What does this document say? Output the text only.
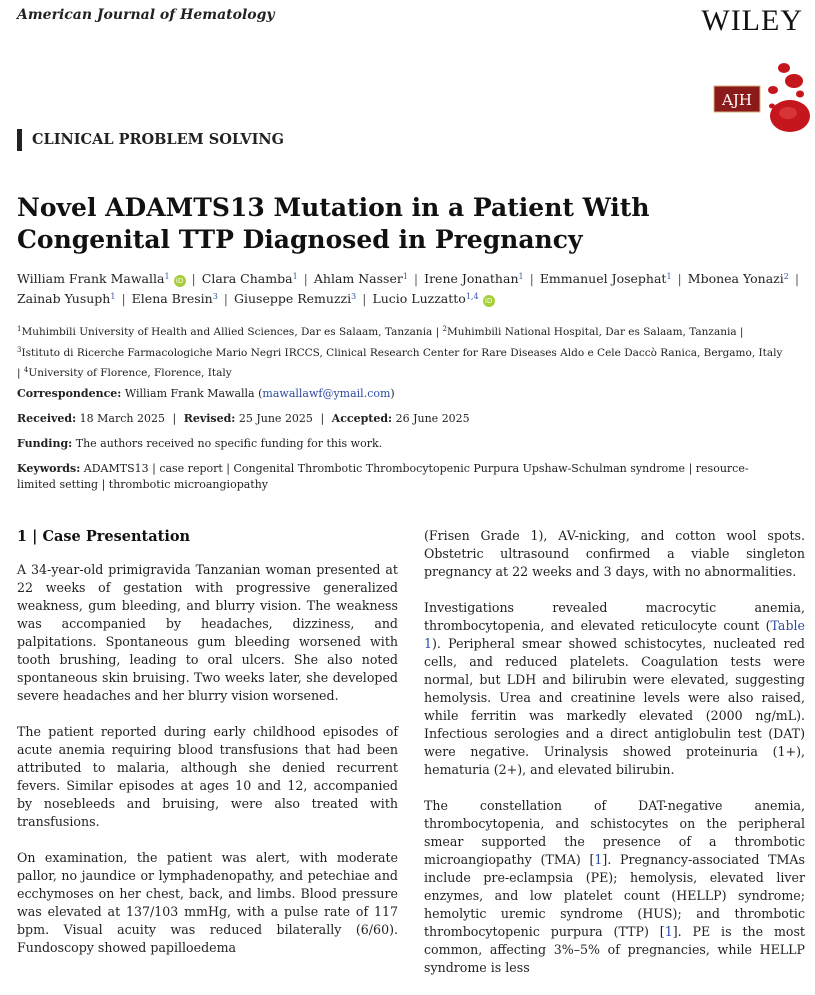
American Journal of Hematology	WILEY
AJH
CLINICAL PROBLEM SOLVING
Novel ADAMTS13 Mutation in a Patient With Congenital TTP Diagnosed in Pregnancy
William Frank Mawalla$^1$ iD | Clara Chamba$^1$ | Ahlam Nasser$^1$ | Irene Jonathan$^1$ | Emmanuel Josephat$^1$ | Mbonea Yonazi$^2$ |
Zainab Yusuph$^1$ | Elena Bresin$^3$ | Giuseppe Remuzzi$^3$ | Lucio Luzzatto$^{1,4}$ iD
$^1$Muhimbili University of Health and Allied Sciences, Dar es Salaam, Tanzania | $^2$Muhimbili National Hospital, Dar es Salaam, Tanzania | $^3$Istituto di Ricerche Farmacologiche Mario Negri IRCCS, Clinical Research Center for Rare Diseases Aldo e Cele Daccò Ranica, Bergamo, Italy | $^4$University of Florence, Florence, Italy
Correspondence: William Frank Mawalla (mawallawf@ymail.com)
Received: 18 March 2025 | Revised: 25 June 2025 | Accepted: 26 June 2025
Funding: The authors received no specific funding for this work.
Keywords: ADAMTS13 | case report | Congenital Thrombotic Thrombocytopenic Purpura Upshaw-Schulman syndrome | resource-limited setting | thrombotic microangiopathy
1 | Case Presentation

A 34-year-old primigravida Tanzanian woman presented at 22 weeks of gestation with progressive generalized weakness, gum bleeding, and blurry vision. The weakness was accompanied by headaches, dizziness, and palpitations. Spontaneous gum bleeding worsened with tooth brushing, leading to oral ulcers. She also noted spontaneous skin bruising. Two weeks later, she developed severe headaches and her blurry vision worsened.

The patient reported during early childhood episodes of acute anemia requiring blood transfusions that had been attributed to malaria, although she denied recurrent fevers. Similar episodes at ages 10 and 12, accompanied by nosebleeds and bruising, were also treated with transfusions.

On examination, the patient was alert, with moderate pallor, no jaundice or lymphadenopathy, and petechiae and ecchymoses on her chest, back, and limbs. Blood pressure was elevated at 137/103 mmHg, with a pulse rate of 117 bpm. Visual acuity was reduced bilaterally (6/60). Fundoscopy showed papilloedema

(Frisen Grade 1), AV-nicking, and cotton wool spots. Obstetric ultrasound confirmed a viable singleton pregnancy at 22 weeks and 3 days, with no abnormalities.

Investigations revealed macrocytic anemia, thrombocytopenia, and elevated reticulocyte count (Table 1). Peripheral smear showed schistocytes, nucleated red cells, and reduced platelets. Coagulation tests were normal, but LDH and bilirubin were elevated, suggesting hemolysis. Urea and creatinine levels were also raised, while ferritin was markedly elevated (2000 ng/mL). Infectious serologies and a direct antiglobulin test (DAT) were negative. Urinalysis showed proteinuria (1+), hematuria (2+), and elevated bilirubin.

The constellation of DAT-negative anemia, thrombocytopenia, and schistocytes on the peripheral smear supported the presence of a thrombotic microangiopathy (TMA) [1]. Pregnancy-associated TMAs include pre-eclampsia (PE); hemolysis, elevated liver enzymes, and low platelet count (HELLP) syndrome; hemolytic uremic syndrome (HUS); and thrombotic thrombocytopenic purpura (TTP) [1]. PE is the most common, affecting 3%–5% of pregnancies, while HELLP syndrome is less
